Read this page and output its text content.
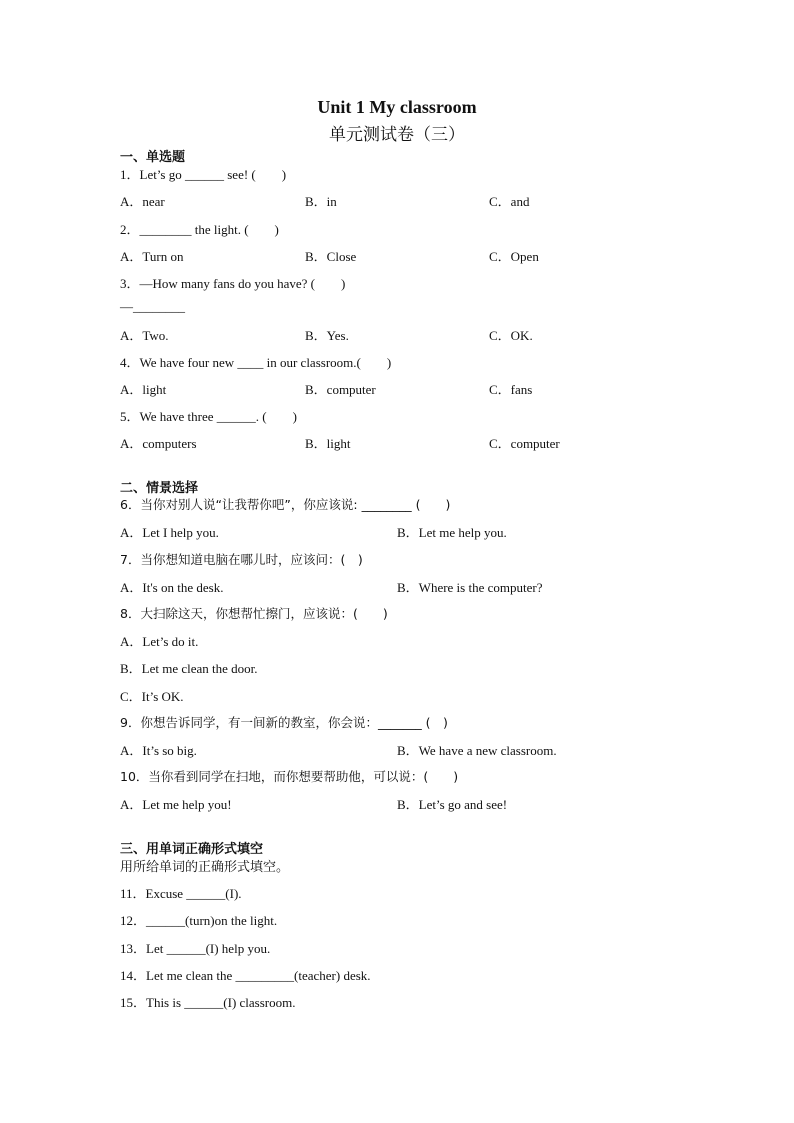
Unit 1 My classroom
单元测试卷（三）
一、单选题
1．Let’s go ______ see! (　　)
A．near	B．in	C．and
2．________ the light. (　　)
A．Turn on	B．Close	C．Open
3．—How many fans do you have? (　　)
—________
A．Two.	B．Yes.	C．OK.
4．We have four new ____ in our classroom.(　　)
A．light	B．computer	C．fans
5．We have three ______. (　　)
A．computers	B．light	C．computer
二、情景选择
6．当你对别人说“让我帮你吧”，你应该说: ________ (　　)
A．Let I help you.	B．Let me help you.
7．当你想知道电脑在哪儿时，应该问：(　)
A．It's on the desk.	B．Where is the computer?
8．大扫除这天，你想帮忙擦门，应该说：(　　)
A．Let’s do it.
B．Let me clean the door.
C．It’s OK.
9．你想告诉同学，有一间新的教室，你会说：_______ (　)
A．It’s so big.	B．We have a new classroom.
10．当你看到同学在扫地，而你想要帮助他，可以说：(　　)
A．Let me help you!	B．Let’s go and see!
三、用单词正确形式填空
用所给单词的正确形式填空。
11．Excuse ______(I).
12．______(turn)on the light.
13．Let ______(I) help you.
14．Let me clean the _________(teacher) desk.
15．This is ______(I) classroom.
